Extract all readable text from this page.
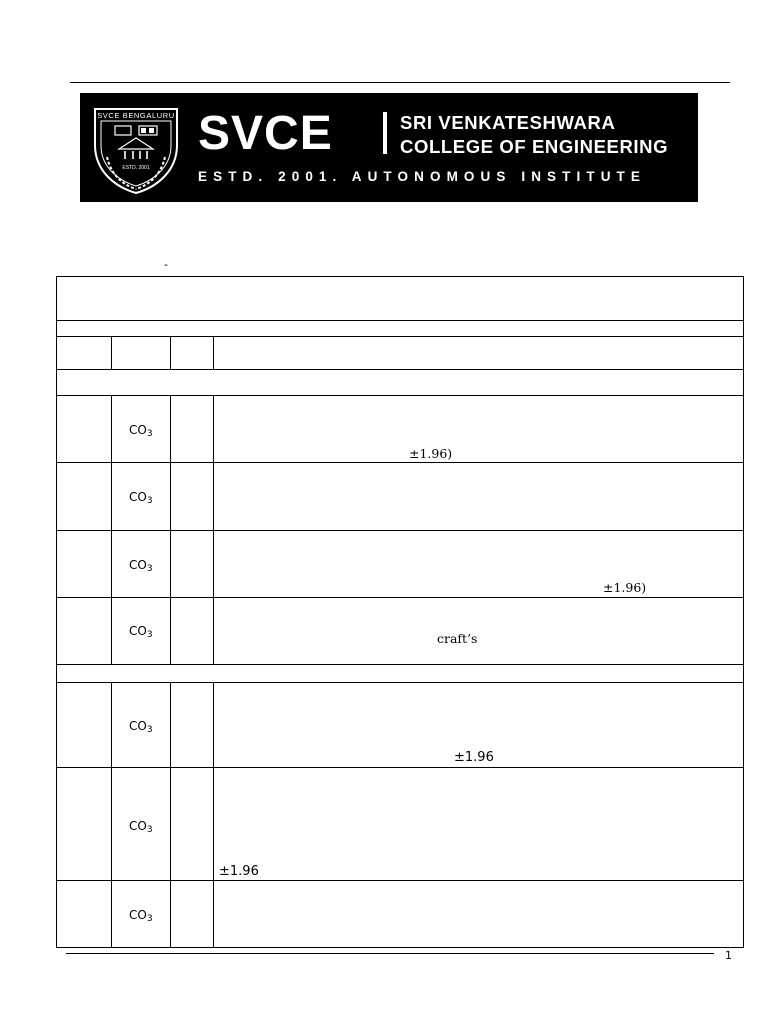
SVCE BENGALURU
ESTD. 2001
SVCE	SRI VENKATESHWARA
COLLEGE OF ENGINEERING
ESTD. 2001. AUTONOMOUS INSTITUTE
-
$CO_3$
±1.96)
$CO_3$
$CO_3$
±1.96)
$CO_3$	craft’s
$CO_3$
±1.96
$CO_3$
±1.96
$CO_3$
1
